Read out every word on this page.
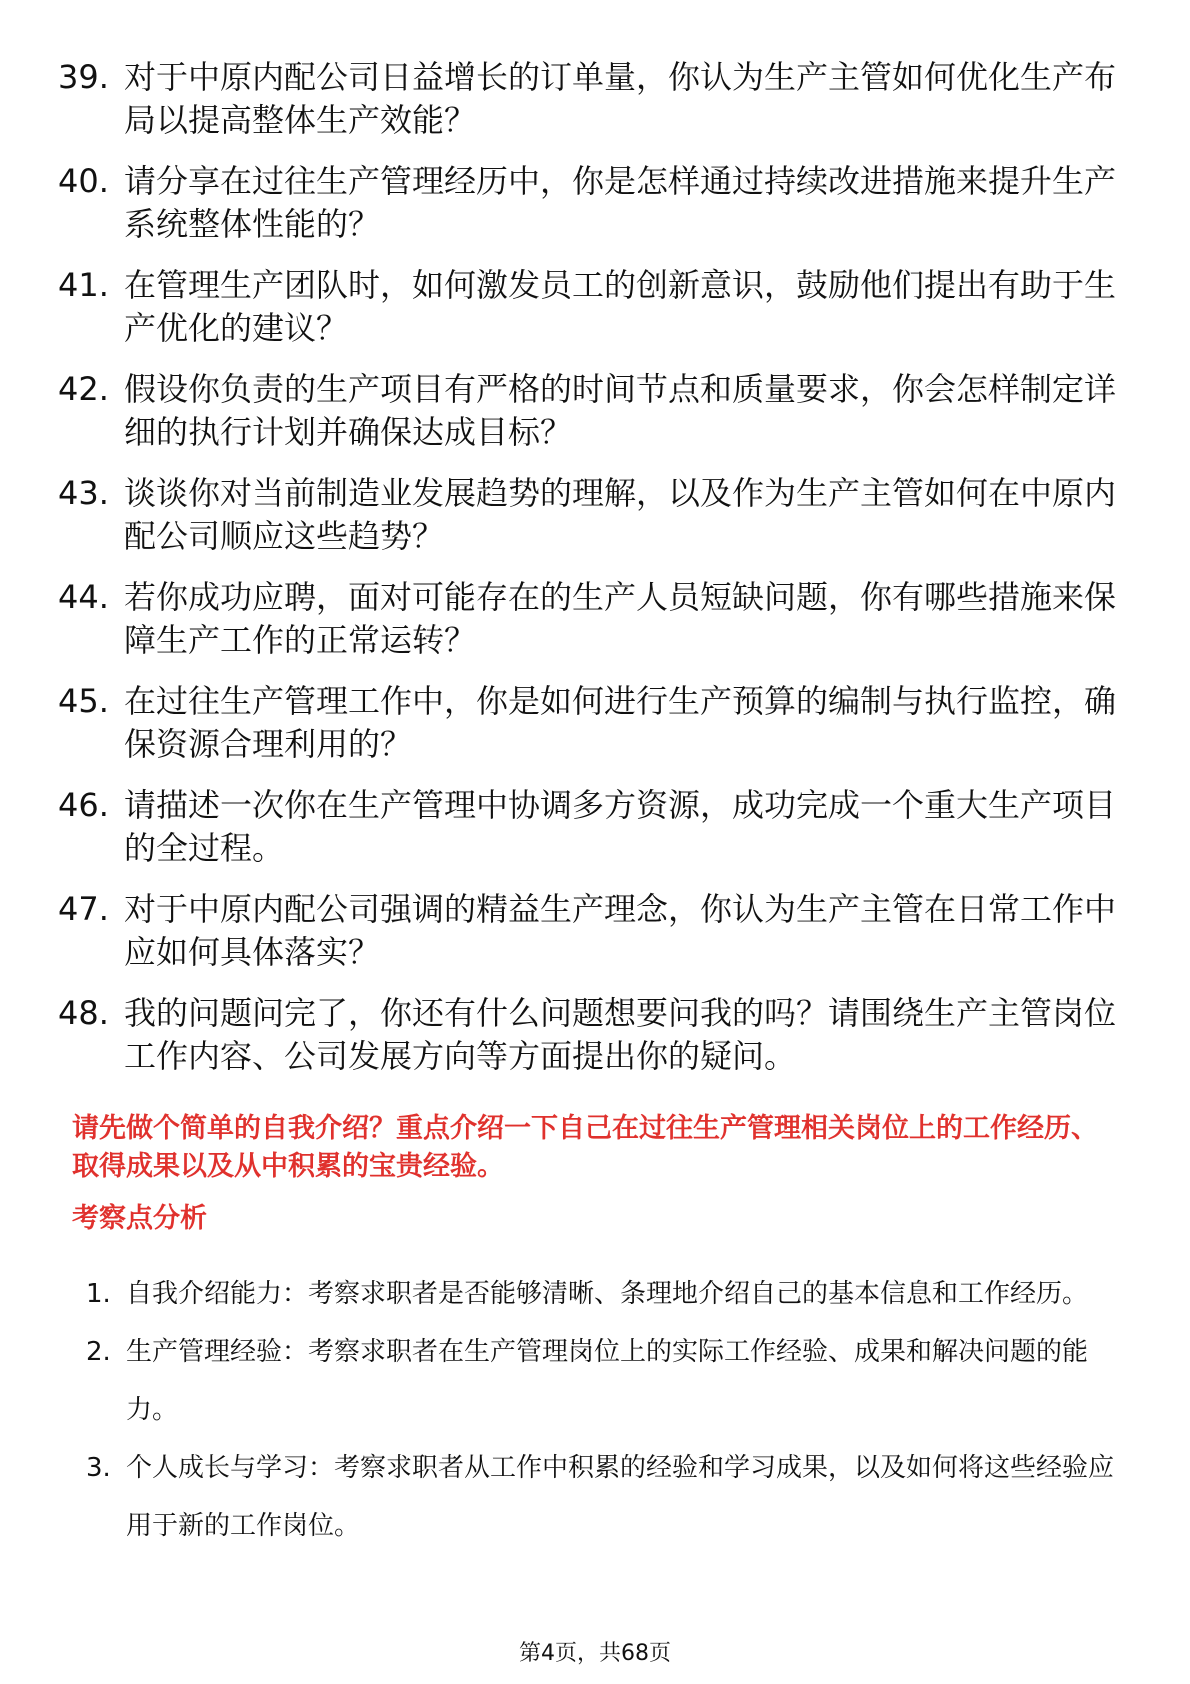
39. 对于中原内配公司日益增长的订单量，你认为生产主管如何优化生产布局以提高整体生产效能？
40. 请分享在过往生产管理经历中，你是怎样通过持续改进措施来提升生产系统整体性能的？
41. 在管理生产团队时，如何激发员工的创新意识，鼓励他们提出有助于生产优化的建议？
42. 假设你负责的生产项目有严格的时间节点和质量要求，你会怎样制定详细的执行计划并确保达成目标？
43. 谈谈你对当前制造业发展趋势的理解，以及作为生产主管如何在中原内配公司顺应这些趋势？
44. 若你成功应聘，面对可能存在的生产人员短缺问题，你有哪些措施来保障生产工作的正常运转？
45. 在过往生产管理工作中，你是如何进行生产预算的编制与执行监控，确保资源合理利用的？
46. 请描述一次你在生产管理中协调多方资源，成功完成一个重大生产项目的全过程。
47. 对于中原内配公司强调的精益生产理念，你认为生产主管在日常工作中应如何具体落实？
48. 我的问题问完了，你还有什么问题想要问我的吗？请围绕生产主管岗位工作内容、公司发展方向等方面提出你的疑问。

请先做个简单的自我介绍？重点介绍一下自己在过往生产管理相关岗位上的工作经历、取得成果以及从中积累的宝贵经验。

考察点分析

1. 自我介绍能力：考察求职者是否能够清晰、条理地介绍自己的基本信息和工作经历。
2. 生产管理经验：考察求职者在生产管理岗位上的实际工作经验、成果和解决问题的能力。
3. 个人成长与学习：考察求职者从工作中积累的经验和学习成果，以及如何将这些经验应用于新的工作岗位。
第4页，共68页
